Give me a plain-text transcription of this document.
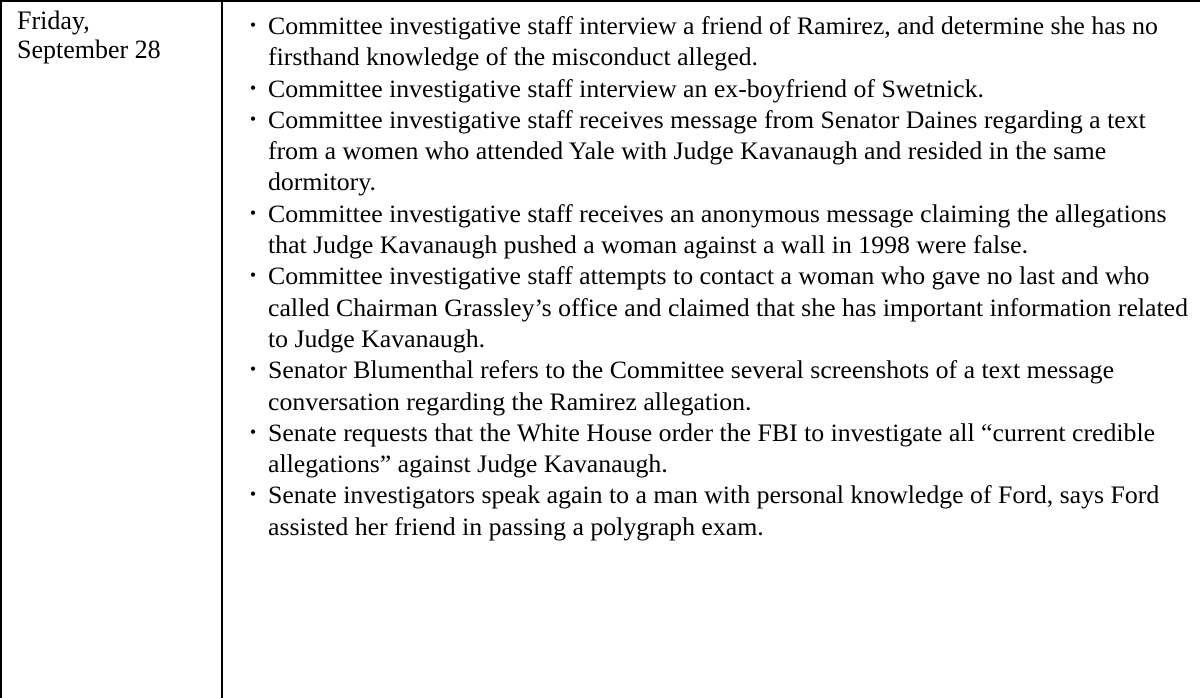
Friday,
September 28
• Committee investigative staff interview a friend of Ramirez, and determine she has no firsthand knowledge of the misconduct alleged.
• Committee investigative staff interview an ex-boyfriend of Swetnick.
• Committee investigative staff receives message from Senator Daines regarding a text from a women who attended Yale with Judge Kavanaugh and resided in the same dormitory.
• Committee investigative staff receives an anonymous message claiming the allegations that Judge Kavanaugh pushed a woman against a wall in 1998 were false.
• Committee investigative staff attempts to contact a woman who gave no last and who called Chairman Grassley’s office and claimed that she has important information related to Judge Kavanaugh.
• Senator Blumenthal refers to the Committee several screenshots of a text message conversation regarding the Ramirez allegation.
• Senate requests that the White House order the FBI to investigate all “current credible allegations” against Judge Kavanaugh.
• Senate investigators speak again to a man with personal knowledge of Ford, says Ford assisted her friend in passing a polygraph exam.
